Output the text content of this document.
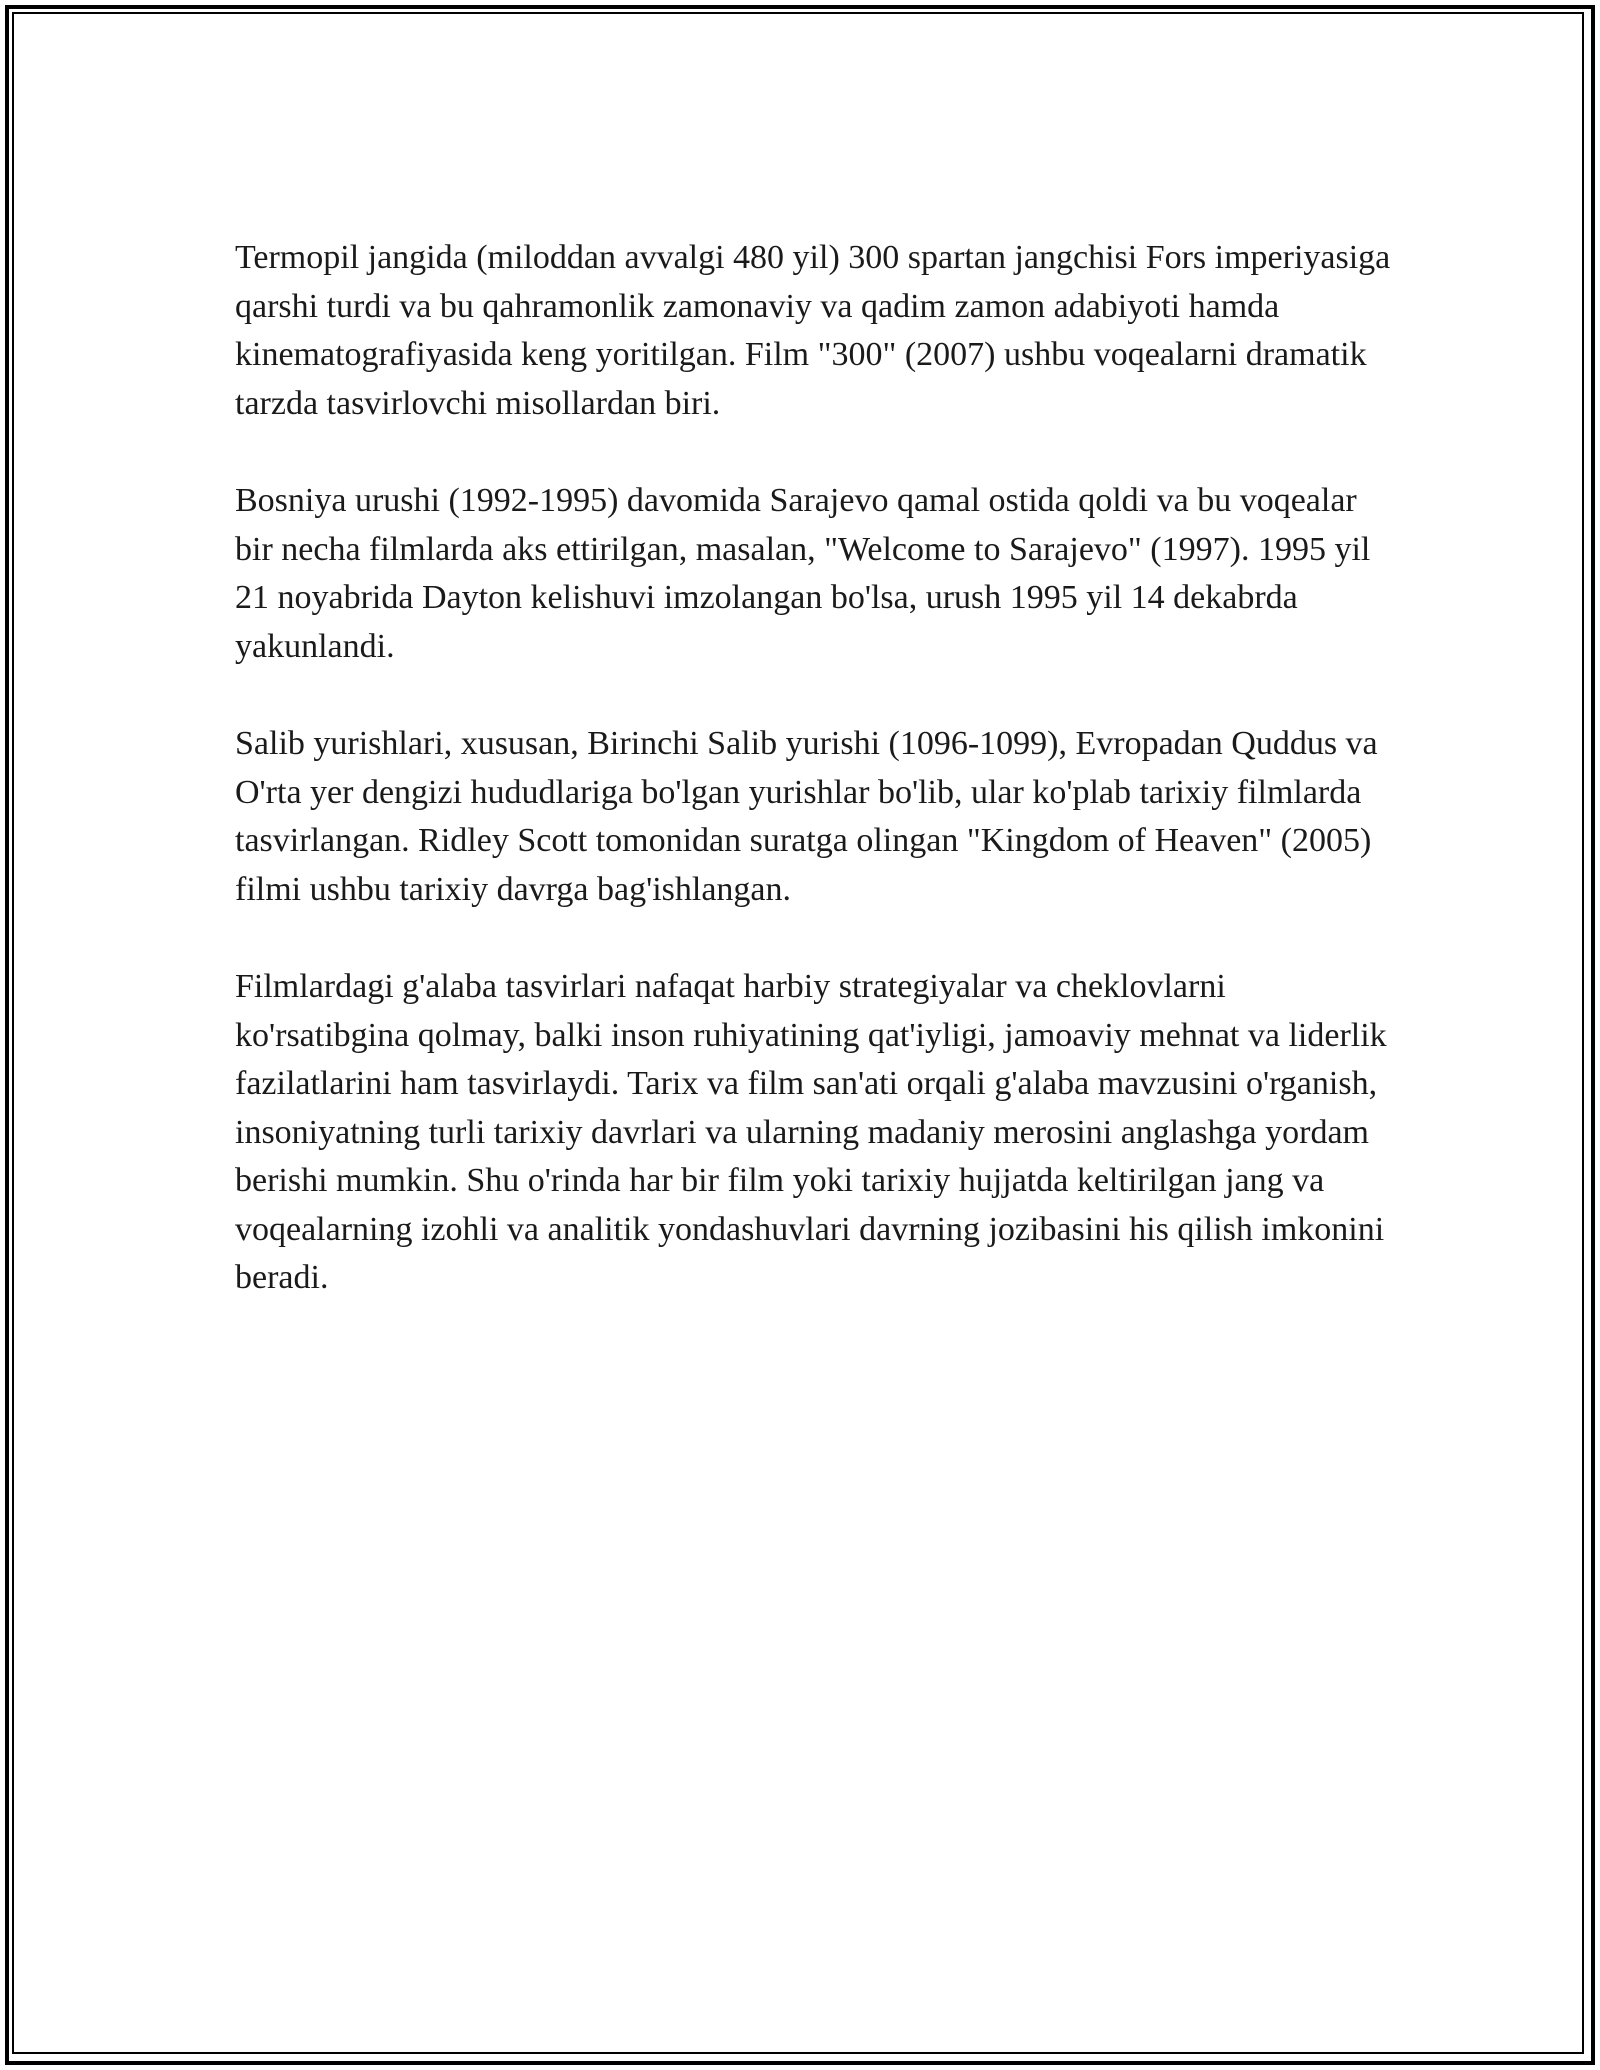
Termopil jangida (miloddan avvalgi 480 yil) 300 spartan jangchisi Fors imperiyasiga qarshi turdi va bu qahramonlik zamonaviy va qadim zamon adabiyoti hamda kinematografiyasida keng yoritilgan. Film "300" (2007) ushbu voqealarni dramatik tarzda tasvirlovchi misollardan biri.

Bosniya urushi (1992-1995) davomida Sarajevo qamal ostida qoldi va bu voqealar bir necha filmlarda aks ettirilgan, masalan, "Welcome to Sarajevo" (1997). 1995 yil 21 noyabrida Dayton kelishuvi imzolangan bo'lsa, urush 1995 yil 14 dekabrda yakunlandi.

Salib yurishlari, xususan, Birinchi Salib yurishi (1096-1099), Evropadan Quddus va O'rta yer dengizi hududlariga bo'lgan yurishlar bo'lib, ular ko'plab tarixiy filmlarda tasvirlangan. Ridley Scott tomonidan suratga olingan "Kingdom of Heaven" (2005) filmi ushbu tarixiy davrga bag'ishlangan.

Filmlardagi g'alaba tasvirlari nafaqat harbiy strategiyalar va cheklovlarni ko'rsatibgina qolmay, balki inson ruhiyatining qat'iyligi, jamoaviy mehnat va liderlik fazilatlarini ham tasvirlaydi. Tarix va film san'ati orqali g'alaba mavzusini o'rganish, insoniyatning turli tarixiy davrlari va ularning madaniy merosini anglashga yordam berishi mumkin. Shu o'rinda har bir film yoki tarixiy hujjatda keltirilgan jang va voqealarning izohli va analitik yondashuvlari davrning jozibasini his qilish imkonini beradi.
